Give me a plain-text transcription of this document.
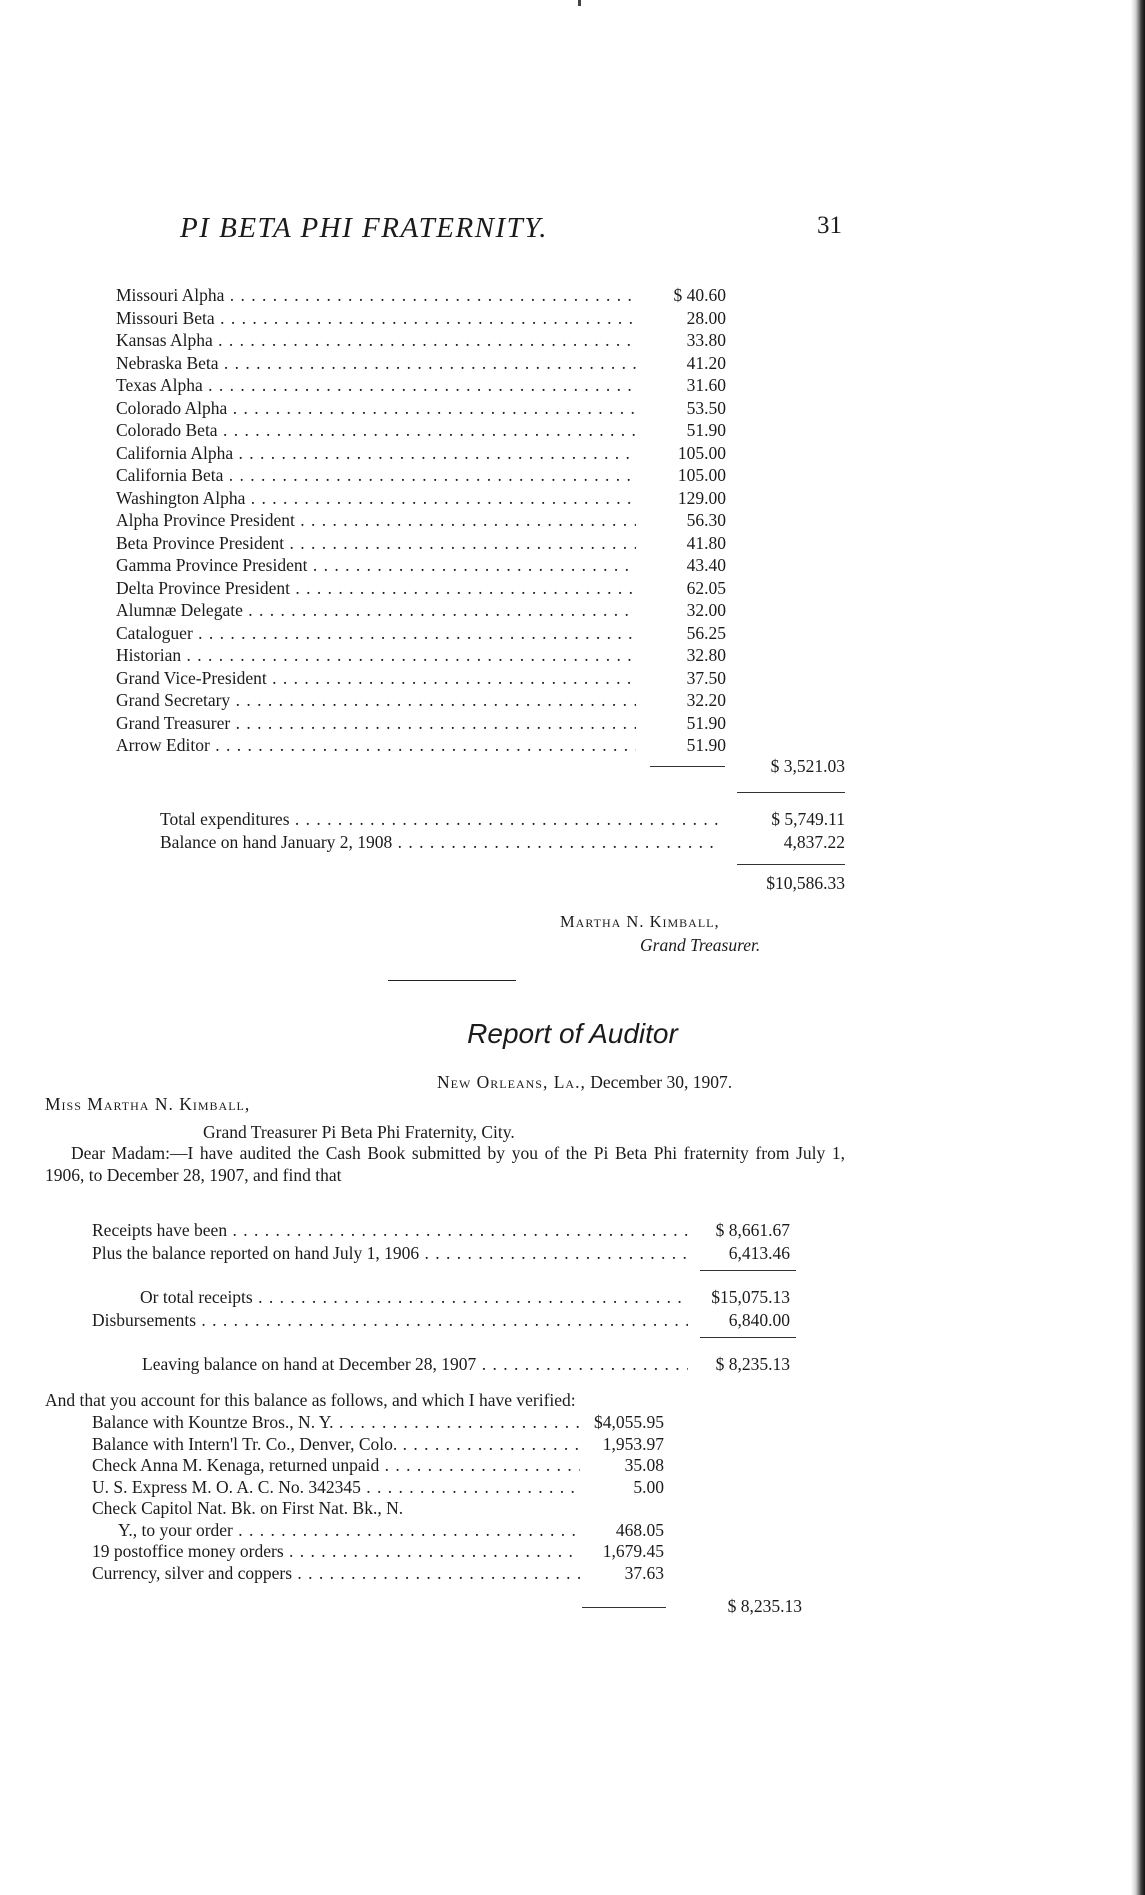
PI BETA PHI FRATERNITY.	31
Missouri Alpha . . .	$ 40.60
Missouri Beta . . .	28.00
Kansas Alpha . . .	33.80
Nebraska Beta . . .	41.20
Texas Alpha . . .	31.60
Colorado Alpha . . .	53.50
Colorado Beta . . .	51.90
California Alpha . . .	105.00
California Beta . . .	105.00
Washington Alpha . . .	129.00
Alpha Province President . . .	56.30
Beta Province President . . .	41.80
Gamma Province President . . .	43.40
Delta Province President . . .	62.05
Alumnæ Delegate . . .	32.00
Cataloguer . . .	56.25
Historian . . .	32.80
Grand Vice-President . . .	37.50
Grand Secretary . . .	32.20
Grand Treasurer . . .	51.90
Arrow Editor . . .	51.90
$ 3,521.03
Total expenditures . . .	$ 5,749.11
Balance on hand January 2, 1908 . . .	4,837.22
$10,586.33
Martha N. Kimball,
Grand Treasurer.
Report of Auditor
New Orleans, La., December 30, 1907.
Miss Martha N. Kimball,
Grand Treasurer Pi Beta Phi Fraternity, City.
Dear Madam:—I have audited the Cash Book submitted by you of the Pi Beta Phi fraternity from July 1, 1906, to December 28, 1907, and find that
Receipts have been . . .	$ 8,661.67
Plus the balance reported on hand July 1, 1906 . . .	6,413.46
Or total receipts . . .	$15,075.13
Disbursements . . .	6,840.00
Leaving balance on hand at December 28, 1907 . . .	$ 8,235.13
And that you account for this balance as follows, and which I have verified:
Balance with Kountze Bros., N. Y. . . .	$4,055.95
Balance with Intern'l Tr. Co., Denver, Colo. . . .	1,953.97
Check Anna M. Kenaga, returned unpaid . . .	35.08
U. S. Express M. O. A. C. No. 342345 . . .	5.00
Check Capitol Nat. Bk. on First Nat. Bk., N.
Y., to your order . . .	468.05
19 postoffice money orders . . .	1,679.45
Currency, silver and coppers . . .	37.63
$ 8,235.13
